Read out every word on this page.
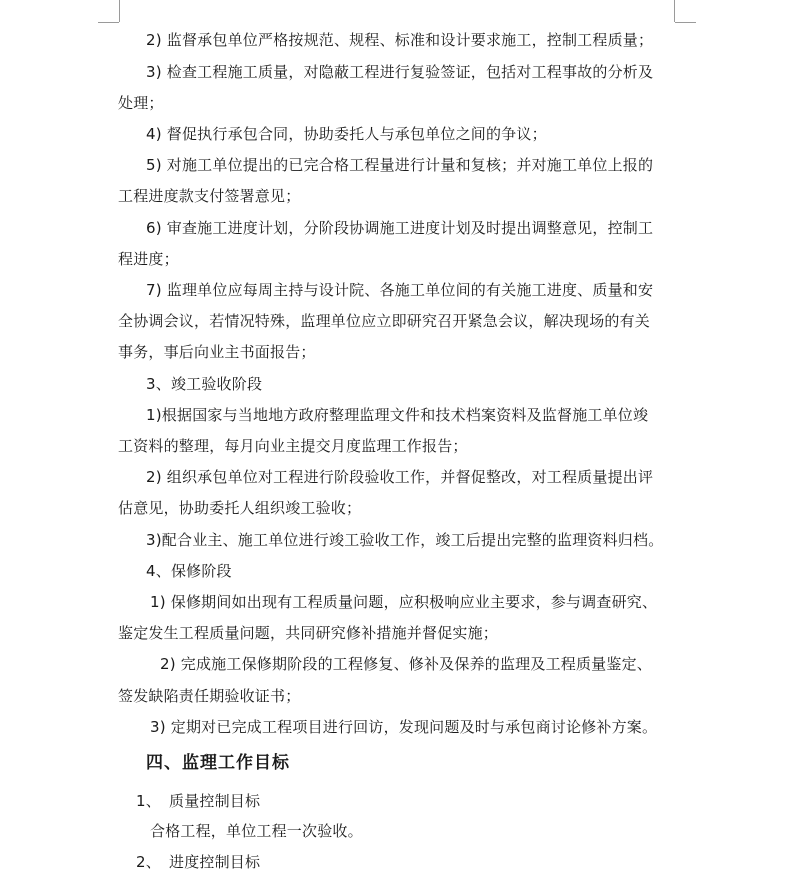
2) 监督承包单位严格按规范、规程、标准和设计要求施工，控制工程质量；
3) 检查工程施工质量，对隐蔽工程进行复验签证，包括对工程事故的分析及
处理；
4) 督促执行承包合同，协助委托人与承包单位之间的争议；
5) 对施工单位提出的已完合格工程量进行计量和复核；并对施工单位上报的
工程进度款支付签署意见；
6) 审查施工进度计划，分阶段协调施工进度计划及时提出调整意见，控制工
程进度；
7) 监理单位应每周主持与设计院、各施工单位间的有关施工进度、质量和安
全协调会议，若情况特殊，监理单位应立即研究召开紧急会议，解决现场的有关
事务，事后向业主书面报告；
3、竣工验收阶段
1)根据国家与当地地方政府整理监理文件和技术档案资料及监督施工单位竣
工资料的整理，每月向业主提交月度监理工作报告；
2) 组织承包单位对工程进行阶段验收工作，并督促整改，对工程质量提出评
估意见，协助委托人组织竣工验收；
3)配合业主、施工单位进行竣工验收工作，竣工后提出完整的监理资料归档。
4、保修阶段
1) 保修期间如出现有工程质量问题，应积极响应业主要求，参与调查研究、
鉴定发生工程质量问题，共同研究修补措施并督促实施；
2) 完成施工保修期阶段的工程修复、修补及保养的监理及工程质量鉴定、
签发缺陷责任期验收证书；
3) 定期对已完成工程项目进行回访，发现问题及时与承包商讨论修补方案。
四、监理工作目标
1、 质量控制目标
合格工程，单位工程一次验收。
2、 进度控制目标
